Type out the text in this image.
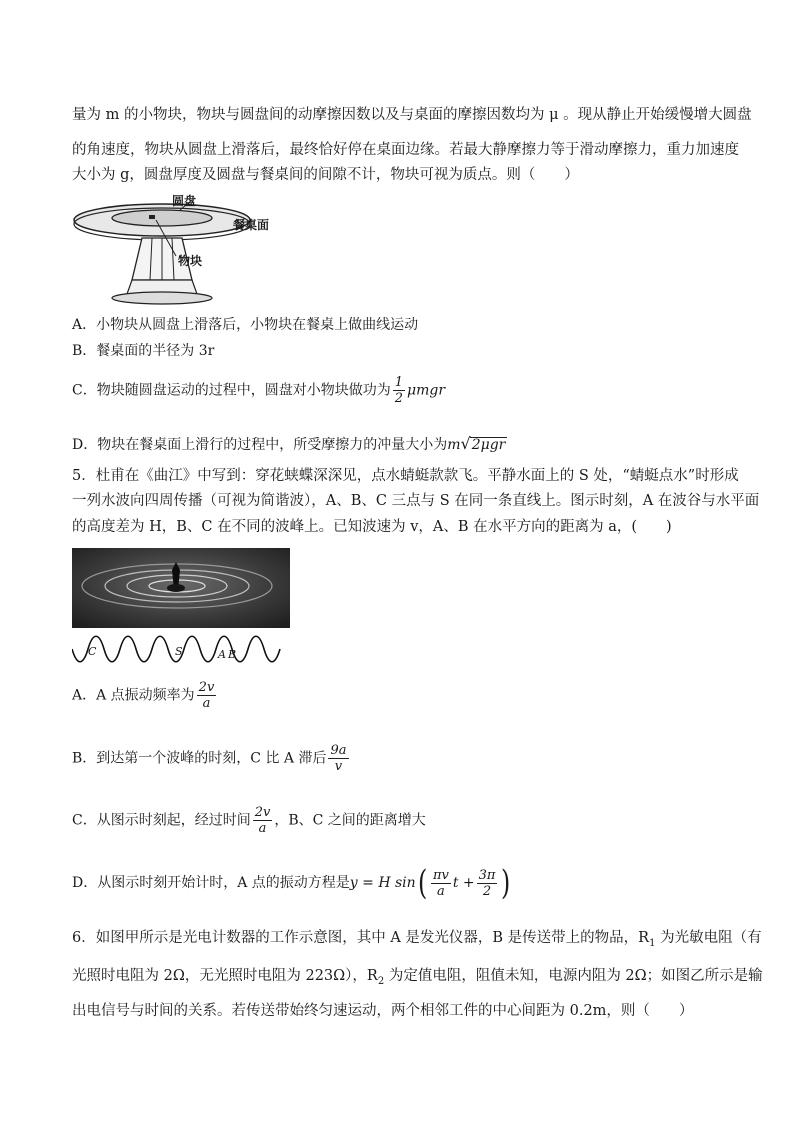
量为 m 的小物块，物块与圆盘间的动摩擦因数以及与桌面的摩擦因数均为 μ 。现从静止开始缓慢增大圆盘
的角速度，物块从圆盘上滑落后，最终恰好停在桌面边缘。若最大静摩擦力等于滑动摩擦力，重力加速度
大小为 g，圆盘厚度及圆盘与餐桌间的间隙不计，物块可视为质点。则（　　）
圆盘
餐桌面
物块
A．小物块从圆盘上滑落后，小物块在餐桌上做曲线运动
B．餐桌面的半径为 3r
C．物块随圆盘运动的过程中，圆盘对小物块做功为 $\frac{1}{2}$ μmgr
D．物块在餐桌面上滑行的过程中，所受摩擦力的冲量大小为m√2μgr
5．杜甫在《曲江》中写到：穿花蛱蝶深深见，点水蜻蜓款款飞。平静水面上的 S 处，“蜻蜓点水”时形成
一列水波向四周传播（可视为简谐波），A、B、C 三点与 S 在同一条直线上。图示时刻，A 在波谷与水平面
的高度差为 H，B、C 在不同的波峰上。已知波速为 v，A、B 在水平方向的距离为 a，(　　)
C	S	A B
A．A 点振动频率为 $\frac{2v}{a}$
B．到达第一个波峰的时刻，C 比 A 滞后 $\frac{9a}{v}$
C．从图示时刻起，经过时间 $\frac{2v}{a}$ ，B、C 之间的距离增大
D．从图示时刻开始计时，A 点的振动方程是y = H $\sin( \frac{\pi v}{a}$ $t + \frac{3\pi}{2}$ )
6．如图甲所示是光电计数器的工作示意图，其中 A 是发光仪器，B 是传送带上的物品，$R_1$ 为光敏电阻（有
光照时电阻为 2Ω，无光照时电阻为 223Ω），$R_2$ 为定值电阻，阻值未知，电源内阻为 2Ω；如图乙所示是输
出电信号与时间的关系。若传送带始终匀速运动，两个相邻工件的中心间距为 0.2m，则（　　）
